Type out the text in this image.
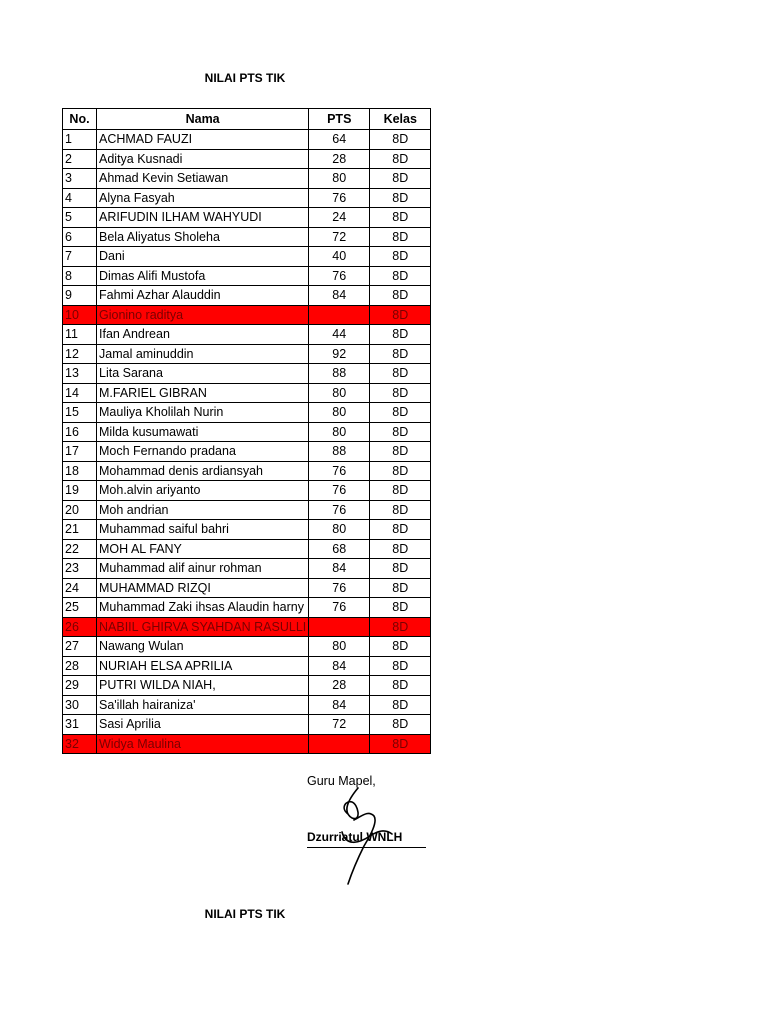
NILAI PTS TIK
No.	Nama	PTS	Kelas
1	ACHMAD FAUZI	64	8D
2	Aditya Kusnadi	28	8D
3	Ahmad Kevin Setiawan	80	8D
4	Alyna Fasyah	76	8D
5	ARIFUDIN ILHAM WAHYUDI	24	8D
6	Bela Aliyatus Sholeha	72	8D
7	Dani	40	8D
8	Dimas Alifi Mustofa	76	8D
9	Fahmi Azhar Alauddin	84	8D
10	Gionino raditya		8D
11	Ifan Andrean	44	8D
12	Jamal aminuddin	92	8D
13	Lita Sarana	88	8D
14	M.FARIEL GIBRAN	80	8D
15	Mauliya Kholilah Nurin	80	8D
16	Milda kusumawati	80	8D
17	Moch Fernando pradana	88	8D
18	Mohammad denis ardiansyah	76	8D
19	Moh.alvin ariyanto	76	8D
20	Moh andrian	76	8D
21	Muhammad saiful bahri	80	8D
22	MOH AL FANY	68	8D
23	Muhammad alif ainur rohman	84	8D
24	MUHAMMAD RIZQI	76	8D
25	Muhammad Zaki ihsas Alaudin harny	76	8D
26	NABIIL GHIRVA SYAHDAN RASULLI		8D
27	Nawang Wulan	80	8D
28	NURIAH ELSA APRILIA	84	8D
29	PUTRI WILDA NIAH,	28	8D
30	Sa'illah hairaniza'	84	8D
31	Sasi Aprilia	72	8D
32	Widya Maulina		8D
Guru Mapel,
Dzurriatul WNLH
NILAI PTS TIK
